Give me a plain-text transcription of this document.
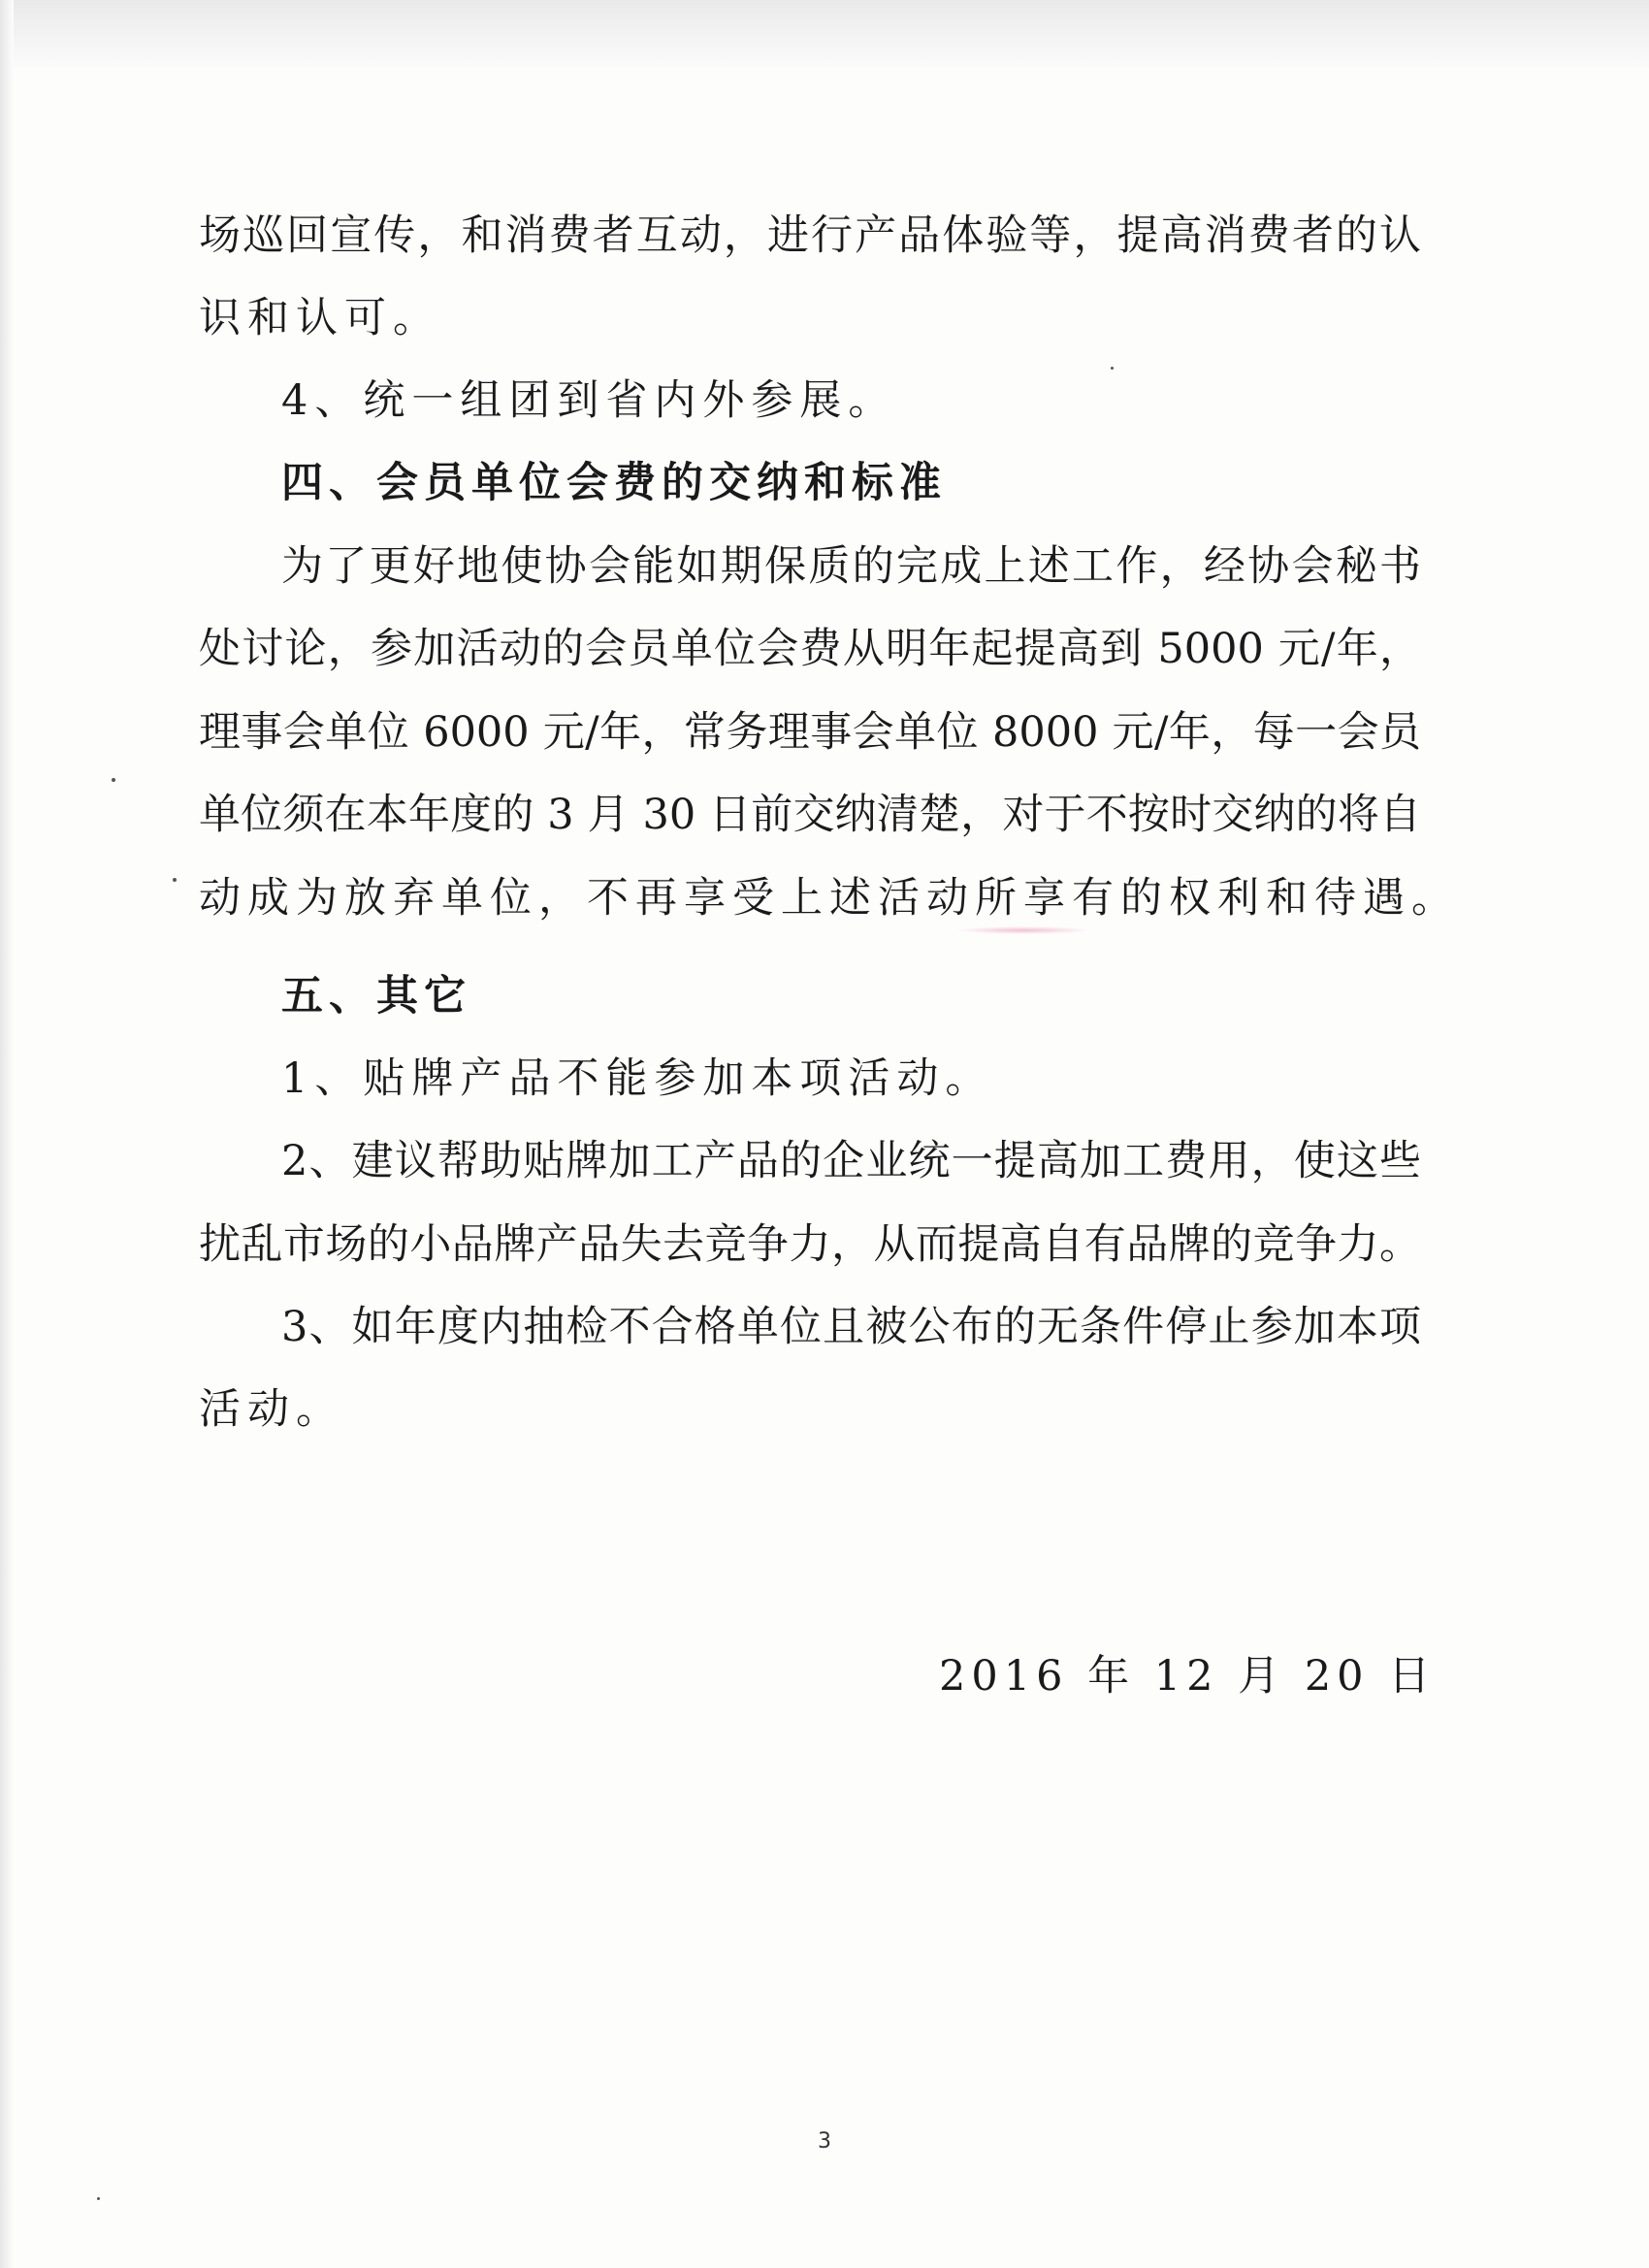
场巡回宣传，和消费者互动，进行产品体验等，提高消费者的认
识和认可。
4、统一组团到省内外参展。
四、会员单位会费的交纳和标准
为了更好地使协会能如期保质的完成上述工作，经协会秘书
处讨论，参加活动的会员单位会费从明年起提高到 5000 元/年，
理事会单位 6000 元/年，常务理事会单位 8000 元/年，每一会员
单位须在本年度的 3 月 30 日前交纳清楚，对于不按时交纳的将自
动成为放弃单位，不再享受上述活动所享有的权利和待遇。
五、其它
1、贴牌产品不能参加本项活动。
2、建议帮助贴牌加工产品的企业统一提高加工费用，使这些
扰乱市场的小品牌产品失去竞争力，从而提高自有品牌的竞争力。
3、如年度内抽检不合格单位且被公布的无条件停止参加本项
活动。
2016 年 12 月 20 日
3
